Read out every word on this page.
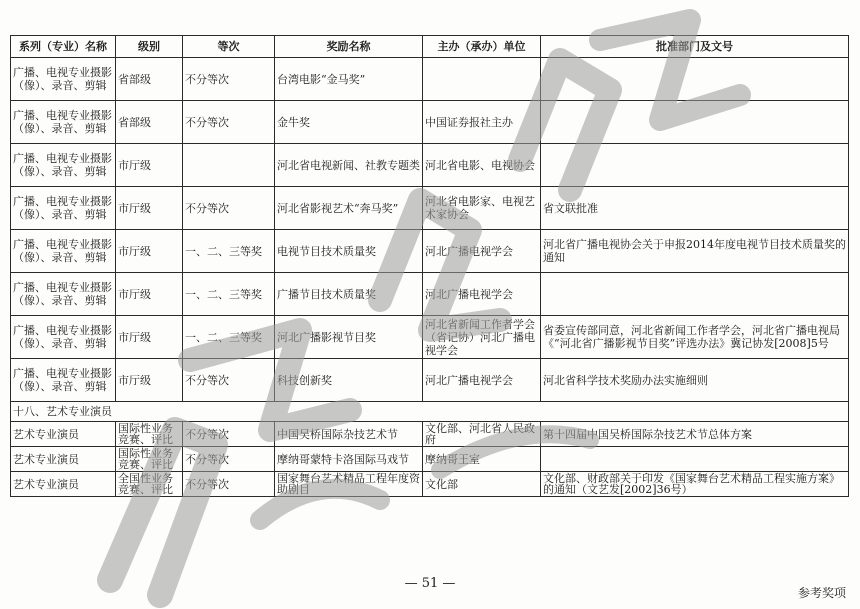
系列（专业）名称	级别	等次	奖励名称	主办（承办）单位	批准部门及文号
广播、电视专业摄影（像）、录音、剪辑	省部级	不分等次	台湾电影“金马奖”		
广播、电视专业摄影（像）、录音、剪辑	省部级	不分等次	金牛奖	中国证券报社主办	
广播、电视专业摄影（像）、录音、剪辑	市厅级		河北省电视新闻、社教专题类	河北省电影、电视协会	
广播、电视专业摄影（像）、录音、剪辑	市厅级	不分等次	河北省影视艺术“奔马奖”	河北省电影家、电视艺术家协会	省文联批准
广播、电视专业摄影（像）、录音、剪辑	市厅级	一、二、三等奖	电视节目技术质量奖	河北广播电视学会	河北省广播电视协会关于申报2014年度电视节目技术质量奖的通知
广播、电视专业摄影（像）、录音、剪辑	市厅级	一、二、三等奖	广播节目技术质量奖	河北广播电视学会	
广播、电视专业摄影（像）、录音、剪辑	市厅级	一、二、三等奖	河北广播影视节目奖	河北省新闻工作者学会（省记协）河北广播电视学会	省委宣传部同意，河北省新闻工作者学会，河北省广播电视局《“河北省广播影视节目奖”评选办法》冀记协发[2008]5号
广播、电视专业摄影（像）、录音、剪辑	市厅级	不分等次	科技创新奖	河北广播电视学会	河北省科学技术奖励办法实施细则
十八、艺术专业演员					
艺术专业演员	国际性业务竞赛、评比	不分等次	中国吴桥国际杂技艺术节	文化部、河北省人民政府	第十四届中国吴桥国际杂技艺术节总体方案
艺术专业演员	国际性业务竞赛、评比	不分等次	摩纳哥蒙特卡洛国际马戏节	摩纳哥王室	
艺术专业演员	全国性业务竞赛、评比	不分等次	国家舞台艺术精品工程年度资助剧目	文化部	文化部、财政部关于印发《国家舞台艺术精品工程实施方案》的通知（文艺发[2002]36号）
— 51 —
参考奖项
